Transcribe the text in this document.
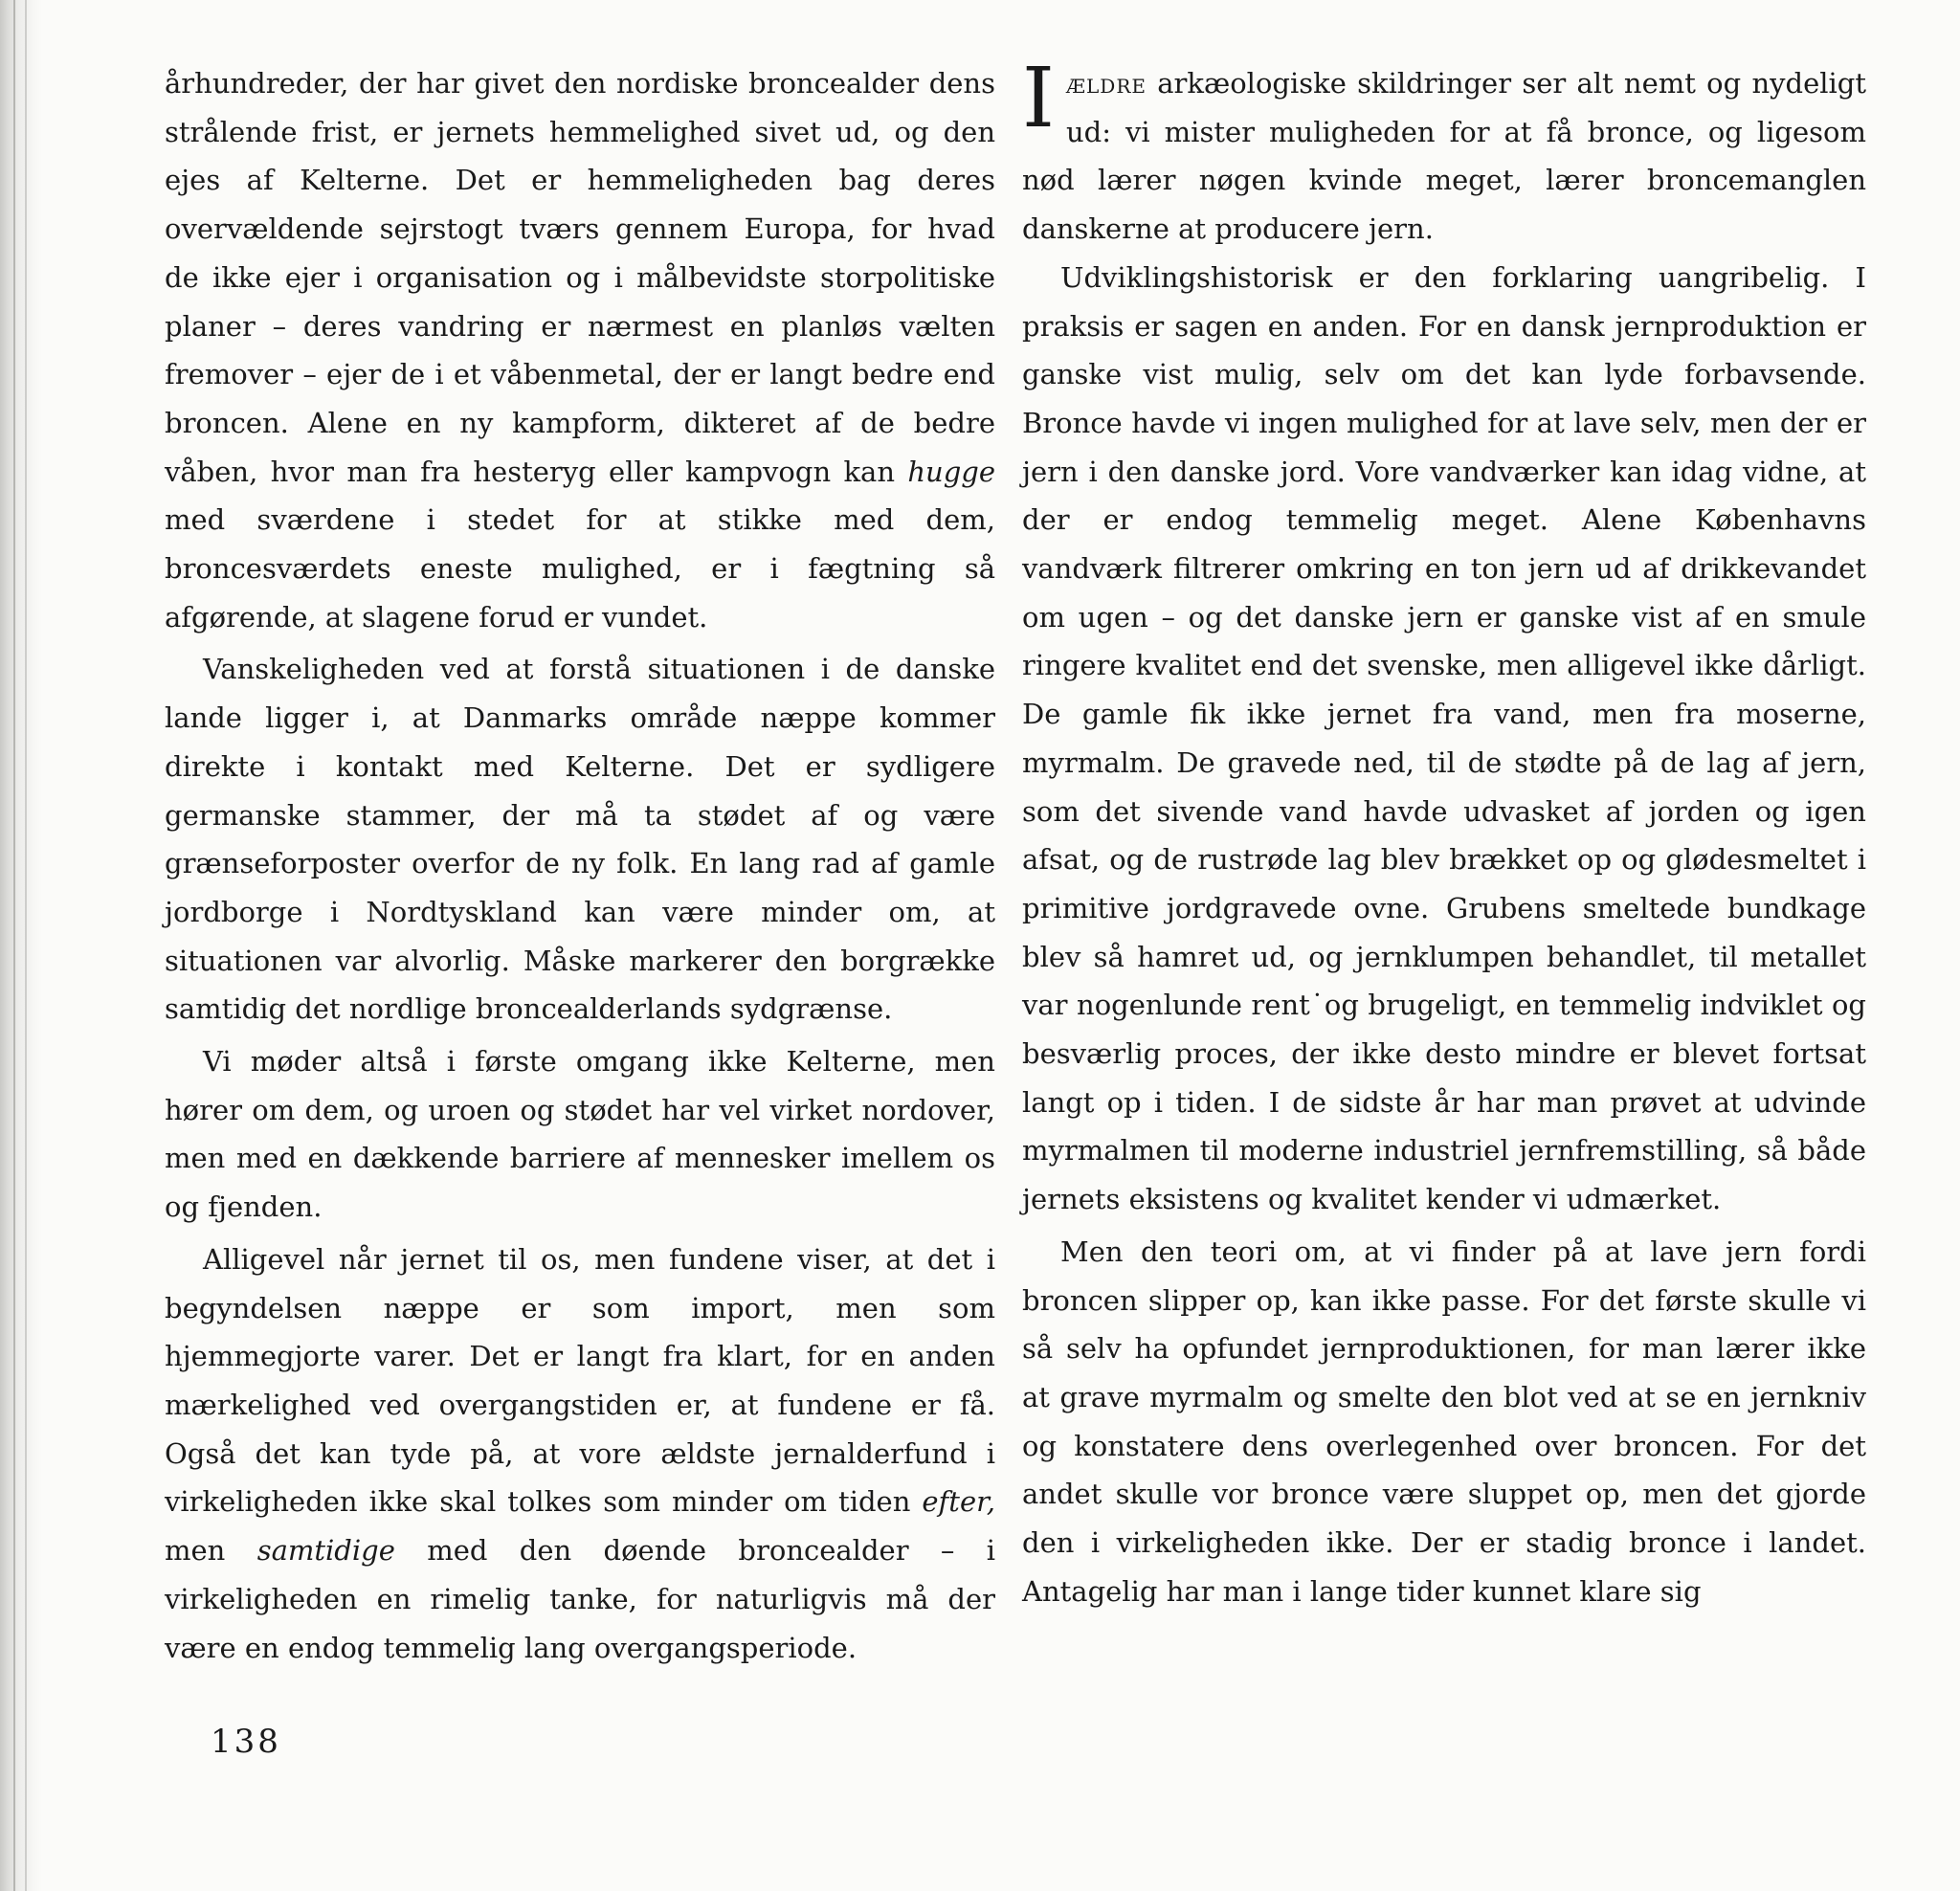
århundreder, der har givet den nordiske broncealder dens strålende frist, er jernets hemmelighed sivet ud, og den ejes af Kelterne. Det er hemmeligheden bag deres overvældende sejrstogt tværs gennem Europa, for hvad de ikke ejer i organisation og i målbevidste storpolitiske planer – deres vandring er nærmest en planløs vælten fremover – ejer de i et våbenmetal, der er langt bedre end broncen. Alene en ny kampform, dikteret af de bedre våben, hvor man fra hesteryg eller kampvogn kan hugge med sværdene i stedet for at stikke med dem, broncesværdets eneste mulighed, er i fægtning så afgørende, at slagene forud er vundet.

Vanskeligheden ved at forstå situationen i de danske lande ligger i, at Danmarks område næppe kommer direkte i kontakt med Kelterne. Det er sydligere germanske stammer, der må ta stødet af og være grænseforposter overfor de ny folk. En lang rad af gamle jordborge i Nordtyskland kan være minder om, at situationen var alvorlig. Måske markerer den borgrække samtidig det nordlige broncealderlands sydgrænse.

Vi møder altså i første omgang ikke Kelterne, men hører om dem, og uroen og stødet har vel virket nordover, men med en dækkende barriere af mennesker imellem os og fjenden.

Alligevel når jernet til os, men fundene viser, at det i begyndelsen næppe er som import, men som hjemmegjorte varer. Det er langt fra klart, for en anden mærkelighed ved overgangstiden er, at fundene er få. Også det kan tyde på, at vore ældste jernalderfund i virkeligheden ikke skal tolkes som minder om tiden efter, men samtidige med den døende broncealder – i virkeligheden en rimelig tanke, for naturligvis må der være en endog temmelig lang overgangsperiode.

Iældre arkæologiske skildringer ser alt nemt og nydeligt ud: vi mister muligheden for at få bronce, og ligesom nød lærer nøgen kvinde meget, lærer broncemanglen danskerne at producere jern.

Udviklingshistorisk er den forklaring uangribelig. I praksis er sagen en anden. For en dansk jernproduktion er ganske vist mulig, selv om det kan lyde forbavsende. Bronce havde vi ingen mulighed for at lave selv, men der er jern i den danske jord. Vore vandværker kan idag vidne, at der er endog temmelig meget. Alene Københavns vandværk filtrerer omkring en ton jern ud af drikkevandet om ugen – og det danske jern er ganske vist af en smule ringere kvalitet end det svenske, men alligevel ikke dårligt. De gamle fik ikke jernet fra vand, men fra moserne, myrmalm. De gravede ned, til de stødte på de lag af jern, som det sivende vand havde udvasket af jorden og igen afsat, og de rustrøde lag blev brækket op og glødesmeltet i primitive jordgravede ovne. Grubens smeltede bundkage blev så hamret ud, og jernklumpen behandlet, til metallet var nogenlunde rent˙og brugeligt, en temmelig indviklet og besværlig proces, der ikke desto mindre er blevet fortsat langt op i tiden. I de sidste år har man prøvet at udvinde myrmalmen til moderne industriel jernfremstilling, så både jernets eksistens og kvalitet kender vi udmærket.

Men den teori om, at vi finder på at lave jern fordi broncen slipper op, kan ikke passe. For det første skulle vi så selv ha opfundet jernproduktionen, for man lærer ikke at grave myrmalm og smelte den blot ved at se en jernkniv og konstatere dens overlegenhed over broncen. For det andet skulle vor bronce være sluppet op, men det gjorde den i virkeligheden ikke. Der er stadig bronce i landet. Antagelig har man i lange tider kunnet klare sig

138
